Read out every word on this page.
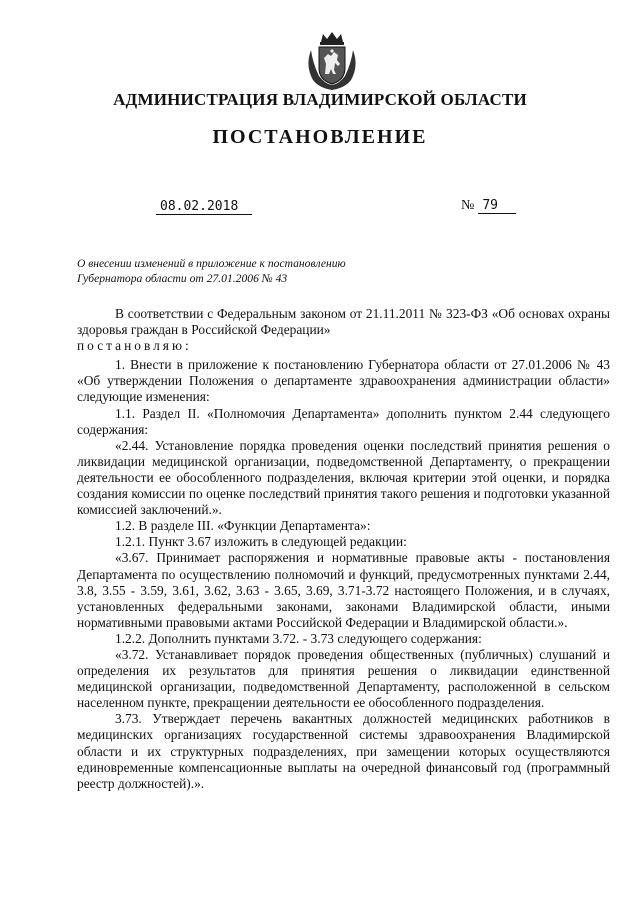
АДМИНИСТРАЦИЯ ВЛАДИМИРСКОЙ ОБЛАСТИ
ПОСТАНОВЛЕНИЕ
08.02.2018	№ 79
О внесении изменений в приложение к постановлению
Губернатора области от 27.01.2006 № 43

В соответствии с Федеральным законом от 21.11.2011 № 323-ФЗ «Об основах охраны здоровья граждан в Российской Федерации»

постановляю:

1. Внести в приложение к постановлению Губернатора области от 27.01.2006 № 43 «Об утверждении Положения о департаменте здравоохранения администрации области» следующие изменения:

1.1. Раздел II. «Полномочия Департамента» дополнить пунктом 2.44 следующего содержания:

«2.44. Установление порядка проведения оценки последствий принятия решения о ликвидации медицинской организации, подведомственной Департаменту, о прекращении деятельности ее обособленного подразделения, включая критерии этой оценки, и порядка создания комиссии по оценке последствий принятия такого решения и подготовки указанной комиссией заключений.».

1.2. В разделе III. «Функции Департамента»:

1.2.1. Пункт 3.67 изложить в следующей редакции:

«3.67. Принимает распоряжения и нормативные правовые акты - постановления Департамента по осуществлению полномочий и функций, предусмотренных пунктами 2.44, 3.8, 3.55 - 3.59, 3.61, 3.62, 3.63 - 3.65, 3.69, 3.71-3.72 настоящего Положения, и в случаях, установленных федеральными законами, законами Владимирской области, иными нормативными правовыми актами Российской Федерации и Владимирской области.».

1.2.2. Дополнить пунктами 3.72. - 3.73 следующего содержания:

«3.72. Устанавливает порядок проведения общественных (публичных) слушаний и определения их результатов для принятия решения о ликвидации единственной медицинской организации, подведомственной Департаменту, расположенной в сельском населенном пункте, прекращении деятельности ее обособленного подразделения.

3.73. Утверждает перечень вакантных должностей медицинских работников в медицинских организациях государственной системы здравоохранения Владимирской области и их структурных подразделениях, при замещении которых осуществляются единовременные компенсационные выплаты на очередной финансовый год (программный реестр должностей).».
